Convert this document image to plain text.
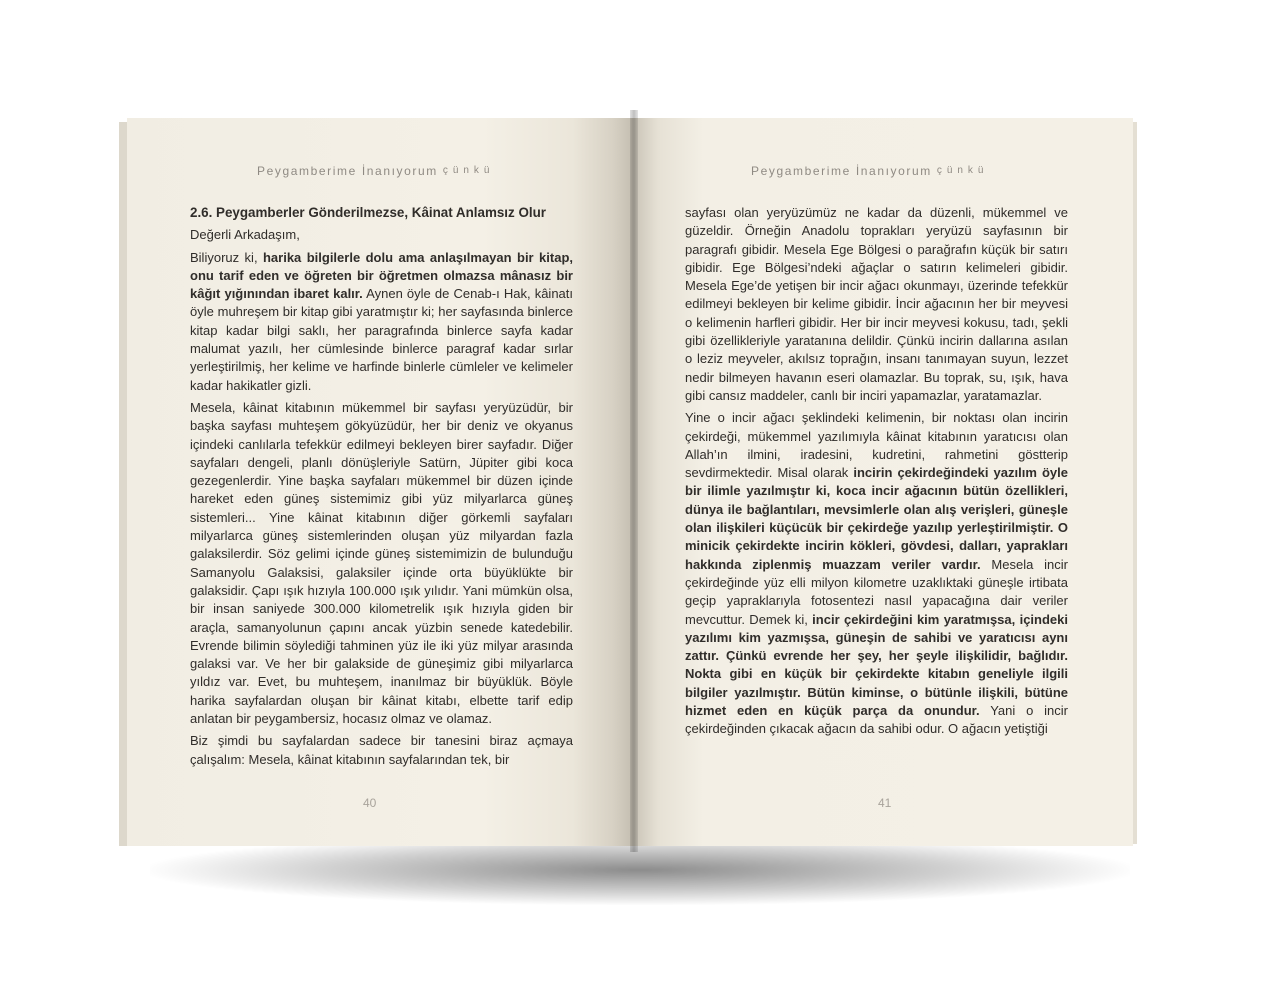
Peygamberime İnanıyorum çünkü

2.6. Peygamberler Gönderilmezse, Kâinat Anlamsız Olur

Değerli Arkadaşım,

Biliyoruz ki, harika bilgilerle dolu ama anlaşılmayan bir kitap, onu tarif eden ve öğreten bir öğretmen olmazsa mânasız bir kâğıt yığınından ibaret kalır. Aynen öyle de Cenab-ı Hak, kâinatı öyle muhreşem bir kitap gibi yaratmıştır ki; her sayfasında binlerce kitap kadar bilgi saklı, her paragrafında binlerce sayfa kadar malumat yazılı, her cümlesinde binlerce paragraf kadar sırlar yerleştirilmiş, her kelime ve harfinde binlerle cümleler ve kelimeler kadar hakikatler gizli.

Mesela, kâinat kitabının mükemmel bir sayfası yeryüzüdür, bir başka sayfası muhteşem gökyüzüdür, her bir deniz ve okyanus içindeki canlılarla tefekkür edilmeyi bekleyen birer sayfadır. Diğer sayfaları dengeli, planlı dönüşleriyle Satürn, Jüpiter gibi koca gezegenlerdir. Yine başka sayfaları mükemmel bir düzen içinde hareket eden güneş sistemimiz gibi yüz milyarlarca güneş sistemleri... Yine kâinat kitabının diğer görkemli sayfaları milyarlarca güneş sistemlerinden oluşan yüz milyardan fazla galaksilerdir. Söz gelimi içinde güneş sistemimizin de bulunduğu Samanyolu Galaksisi, galaksiler içinde orta büyüklükte bir galaksidir. Çapı ışık hızıyla 100.000 ışık yılıdır. Yani mümkün olsa, bir insan saniyede 300.000 kilometrelik ışık hızıyla giden bir araçla, samanyolunun çapını ancak yüzbin senede katedebilir. Evrende bilimin söylediği tahminen yüz ile iki yüz milyar arasında galaksi var. Ve her bir galakside de güneşimiz gibi milyarlarca yıldız var. Evet, bu muhteşem, inanılmaz bir büyüklük. Böyle harika sayfalardan oluşan bir kâinat kitabı, elbette tarif edip anlatan bir peygambersiz, hocasız olmaz ve olamaz.

Biz şimdi bu sayfalardan sadece bir tanesini biraz açmaya çalışalım: Mesela, kâinat kitabının sayfalarından tek, bir

40
Peygamberime İnanıyorum çünkü

sayfası olan yeryüzümüz ne kadar da düzenli, mükemmel ve güzeldir. Örneğin Anadolu toprakları yeryüzü sayfasının bir paragrafı gibidir. Mesela Ege Bölgesi o parağrafın küçük bir satırı gibidir. Ege Bölgesi’ndeki ağaçlar o satırın kelimeleri gibidir. Mesela Ege’de yetişen bir incir ağacı okunmayı, üzerinde tefekkür edilmeyi bekleyen bir kelime gibidir. İncir ağacının her bir meyvesi o kelimenin harfleri gibidir. Her bir incir meyvesi kokusu, tadı, şekli gibi özellikleriyle yaratanına delildir. Çünkü incirin dallarına asılan o leziz meyveler, akılsız toprağın, insanı tanımayan suyun, lezzet nedir bilmeyen havanın eseri olamazlar. Bu toprak, su, ışık, hava gibi cansız maddeler, canlı bir inciri yapamazlar, yaratamazlar.

Yine o incir ağacı şeklindeki kelimenin, bir noktası olan incirin çekirdeği, mükemmel yazılımıyla kâinat kitabının yaratıcısı olan Allah’ın ilmini, iradesini, kudretini, rahmetini göstterip sevdirmektedir. Misal olarak incirin çekirdeğindeki yazılım öyle bir ilimle yazılmıştır ki, koca incir ağacının bütün özellikleri, dünya ile bağlantıları, mevsimlerle olan alış verişleri, güneşle olan ilişkileri küçücük bir çekirdeğe yazılıp yerleştirilmiştir. O minicik çekirdekte incirin kökleri, gövdesi, dalları, yaprakları hakkında ziplenmiş muazzam veriler vardır. Mesela incir çekirdeğinde yüz elli milyon kilometre uzaklıktaki güneşle irtibata geçip yapraklarıyla fotosentezi nasıl yapacağına dair veriler mevcuttur. Demek ki, incir çekirdeğini kim yaratmışsa, içindeki yazılımı kim yazmışsa, güneşin de sahibi ve yaratıcısı aynı zattır. Çünkü evrende her şey, her şeyle ilişkilidir, bağlıdır. Nokta gibi en küçük bir çekirdekte kitabın geneliyle ilgili bilgiler yazılmıştır. Bütün kiminse, o bütünle ilişkili, bütüne hizmet eden en küçük parça da onundur. Yani o incir çekirdeğinden çıkacak ağacın da sahibi odur. O ağacın yetiştiği

41
